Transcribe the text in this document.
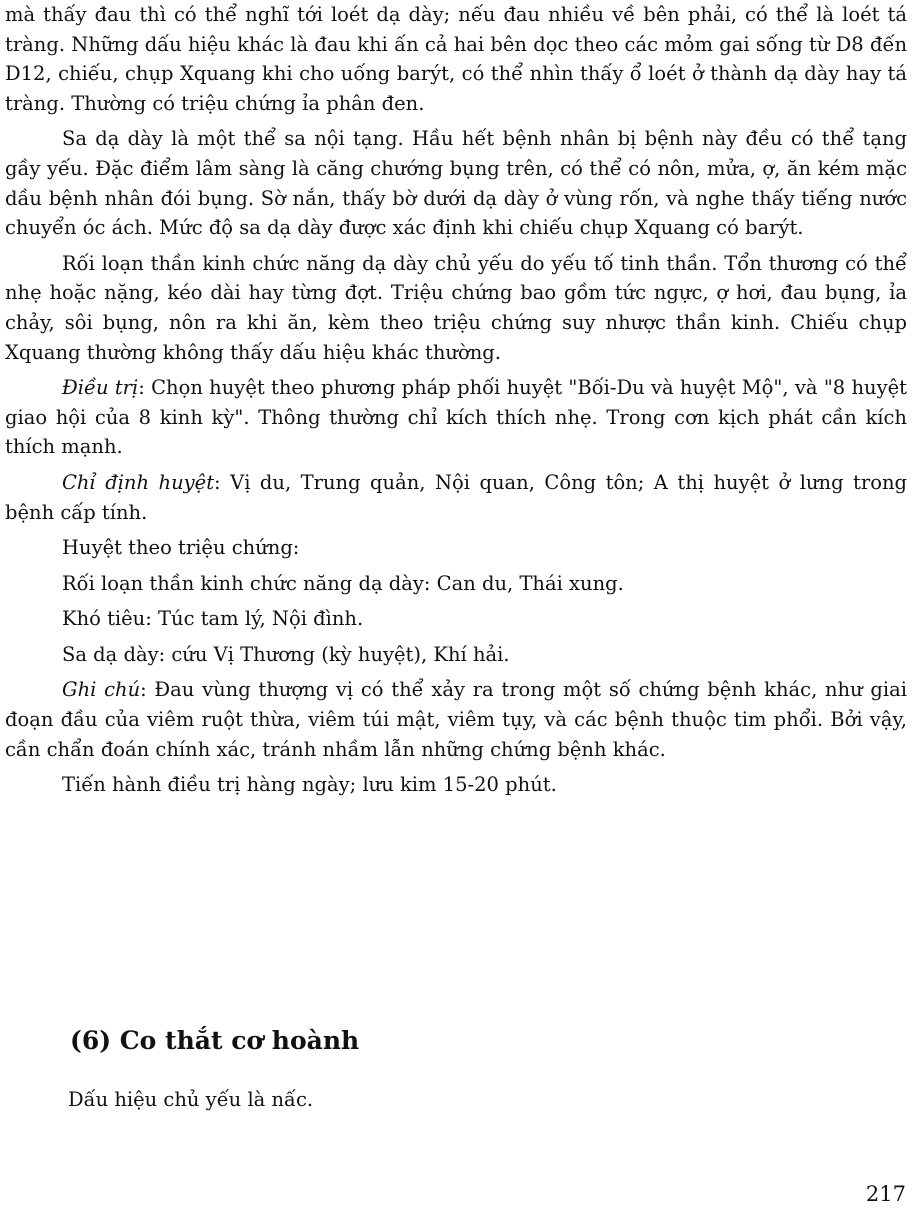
mà thấy đau thì có thể nghĩ tới loét dạ dày; nếu đau nhiều về bên phải, có thể là loét tá tràng. Những dấu hiệu khác là đau khi ấn cả hai bên dọc theo các mỏm gai sống từ D8 đến D12, chiếu, chụp Xquang khi cho uống barýt, có thể nhìn thấy ổ loét ở thành dạ dày hay tá tràng. Thường có triệu chứng ỉa phân đen.

Sa dạ dày là một thể sa nội tạng. Hầu hết bệnh nhân bị bệnh này đều có thể tạng gầy yếu. Đặc điểm lâm sàng là căng chướng bụng trên, có thể có nôn, mửa, ợ, ăn kém mặc dầu bệnh nhân đói bụng. Sờ nắn, thấy bờ dưới dạ dày ở vùng rốn, và nghe thấy tiếng nước chuyển óc ách. Mức độ sa dạ dày được xác định khi chiếu chụp Xquang có barýt.

Rối loạn thần kinh chức năng dạ dày chủ yếu do yếu tố tinh thần. Tổn thương có thể nhẹ hoặc nặng, kéo dài hay từng đợt. Triệu chứng bao gồm tức ngực, ợ hơi, đau bụng, ỉa chảy, sôi bụng, nôn ra khi ăn, kèm theo triệu chứng suy nhược thần kinh. Chiếu chụp Xquang thường không thấy dấu hiệu khác thường.

Điều trị: Chọn huyệt theo phương pháp phối huyệt "Bối-Du và huyệt Mộ", và "8 huyệt giao hội của 8 kinh kỳ". Thông thường chỉ kích thích nhẹ. Trong cơn kịch phát cần kích thích mạnh.

Chỉ định huyệt: Vị du, Trung quản, Nội quan, Công tôn; A thị huyệt ở lưng trong bệnh cấp tính.

Huyệt theo triệu chứng:

Rối loạn thần kinh chức năng dạ dày: Can du, Thái xung.

Khó tiêu: Túc tam lý, Nội đình.

Sa dạ dày: cứu Vị Thương (kỳ huyệt), Khí hải.

Ghi chú: Đau vùng thượng vị có thể xảy ra trong một số chứng bệnh khác, như giai đoạn đầu của viêm ruột thừa, viêm túi mật, viêm tụy, và các bệnh thuộc tim phổi. Bởi vậy, cần chẩn đoán chính xác, tránh nhầm lẫn những chứng bệnh khác.

Tiến hành điều trị hàng ngày; lưu kim 15-20 phút.

(6) Co thắt cơ hoành

Dấu hiệu chủ yếu là nấc.

217
